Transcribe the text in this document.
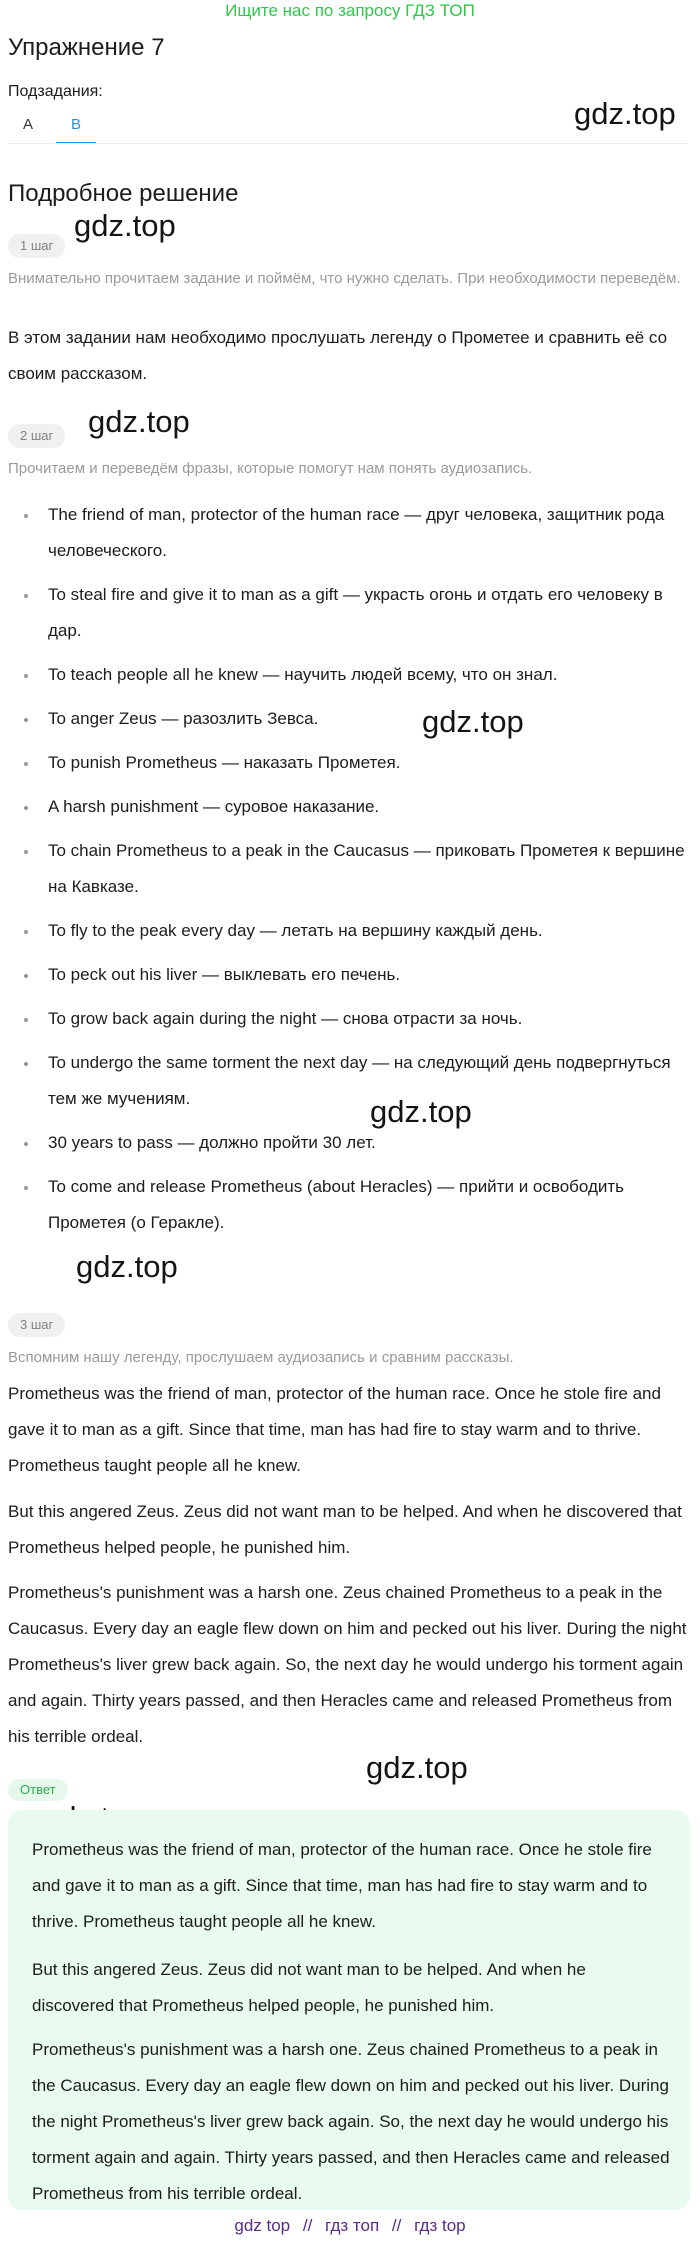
Ищите нас по запросу ГДЗ ТОП
Упражнение 7
Подзадания:
A	B	gdz.top
gdz.top
gdz.top
gdz.top
gdz.top
gdz.top
gdz.top
Подробное решение
1 шаг
Внимательно прочитаем задание и поймём, что нужно сделать. При необходимости переведём.
В этом задании нам необходимо прослушать легенду о Прометее и сравнить её со своим рассказом.
2 шаг
Прочитаем и переведём фразы, которые помогут нам понять аудиозапись.
The friend of man, protector of the human race — друг человека, защитник рода человеческого.
To steal fire and give it to man as a gift — украсть огонь и отдать его человеку в дар.
To teach people all he knew — научить людей всему, что он знал.
To anger Zeus — разозлить Зевса.
To punish Prometheus — наказать Прометея.
A harsh punishment — суровое наказание.
To chain Prometheus to a peak in the Caucasus — приковать Прометея к вершине на Кавказе.
To fly to the peak every day — летать на вершину каждый день.
To peck out his liver — выклевать его печень.
To grow back again during the night — снова отрасти за ночь.
To undergo the same torment the next day — на следующий день подвергнуться тем же мучениям.
30 years to pass — должно пройти 30 лет.
To come and release Prometheus (about Heracles) — прийти и освободить Прометея (о Геракле).
3 шаг
Вспомним нашу легенду, прослушаем аудиозапись и сравним рассказы.
Prometheus was the friend of man, protector of the human race. Once he stole fire and gave it to man as a gift. Since that time, man has had fire to stay warm and to thrive. Prometheus taught people all he knew.
But this angered Zeus. Zeus did not want man to be helped. And when he discovered that Prometheus helped people, he punished him.
Prometheus's punishment was a harsh one. Zeus chained Prometheus to a peak in the Caucasus. Every day an eagle flew down on him and pecked out his liver. During the night Prometheus's liver grew back again. So, the next day he would undergo his torment again and again. Thirty years passed, and then Heracles came and released Prometheus from his terrible ordeal.
Ответ
Prometheus was the friend of man, protector of the human race. Once he stole fire and gave it to man as a gift. Since that time, man has had fire to stay warm and to thrive. Prometheus taught people all he knew.
But this angered Zeus. Zeus did not want man to be helped. And when he discovered that Prometheus helped people, he punished him.
Prometheus's punishment was a harsh one. Zeus chained Prometheus to a peak in the Caucasus. Every day an eagle flew down on him and pecked out his liver. During the night Prometheus's liver grew back again. So, the next day he would undergo his torment again and again. Thirty years passed, and then Heracles came and released Prometheus from his terrible ordeal.
gdz top // гдз топ // гдз top
